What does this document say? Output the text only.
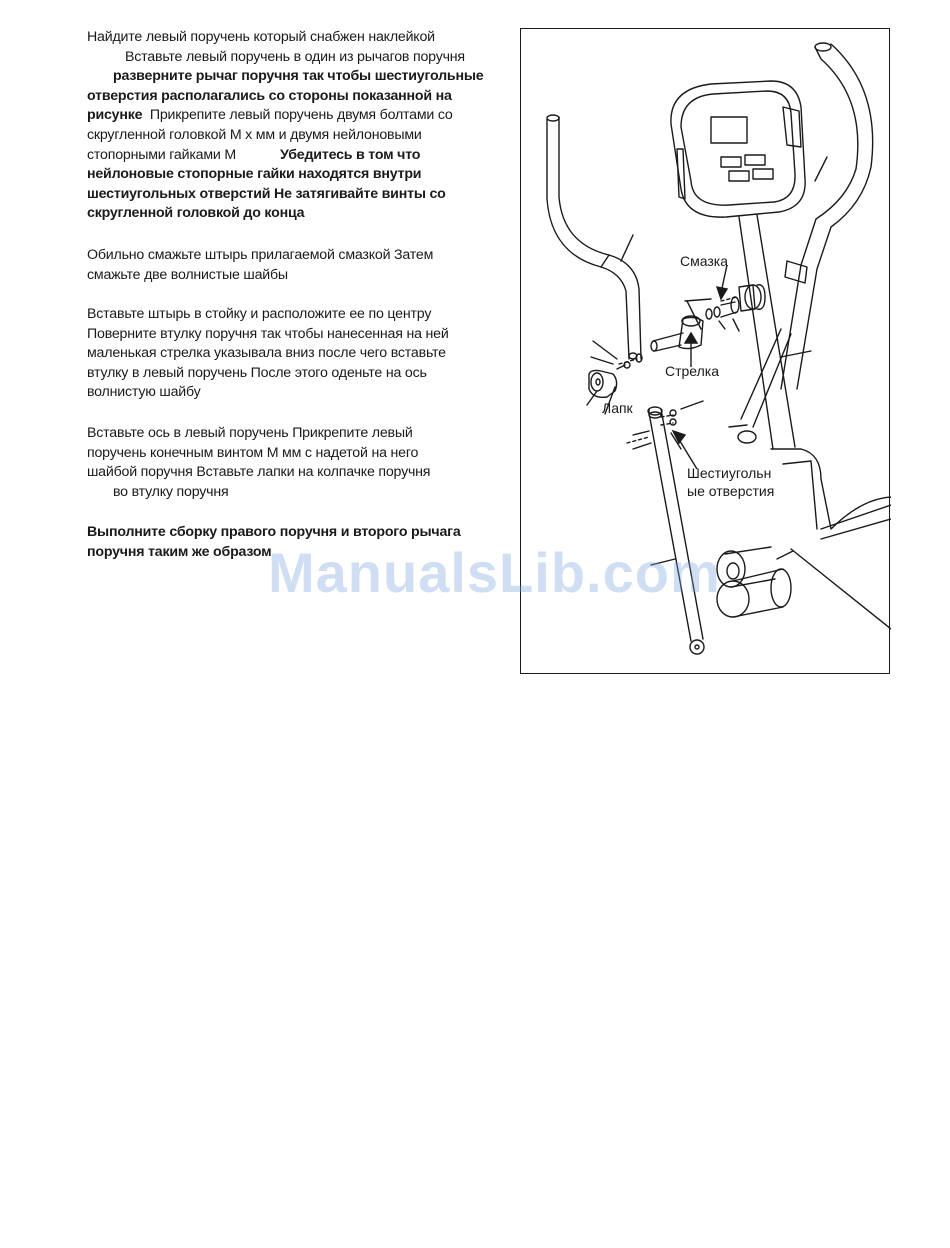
Найдите левый поручень который снабжен наклейкой

Вставьте левый поручень в один из рычагов поручня

разверните рычаг поручня так чтобы шестиугольные

отверстия располагались со стороны показанной на

рисунке Прикрепите левый поручень двумя болтами со

скругленной головкой М х мм и двумя нейлоновыми

стопорными гайками М	Убедитесь в том что

нейлоновые стопорные гайки находятся внутри

шестиугольных отверстий Не затягивайте винты со

скругленной головкой до конца

Обильно смажьте штырь прилагаемой смазкой Затем

смажьте две волнистые шайбы

Вставьте штырь в стойку и расположите ее по центру

Поверните втулку поручня так чтобы нанесенная на ней

маленькая стрелка указывала вниз после чего вставьте

втулку в левый поручень После этого оденьте на ось

волнистую шайбу

Вставьте ось в левый поручень Прикрепите левый

поручень конечным винтом М мм с надетой на него

шайбой поручня Вставьте лапки на колпачке поручня

во втулку поручня

Выполните сборку правого поручня и второго рычага

поручня таким же образом

Смазка
Стрелка
Лапк
Шестиугольн
ые отверстия
ManualsLib.com
